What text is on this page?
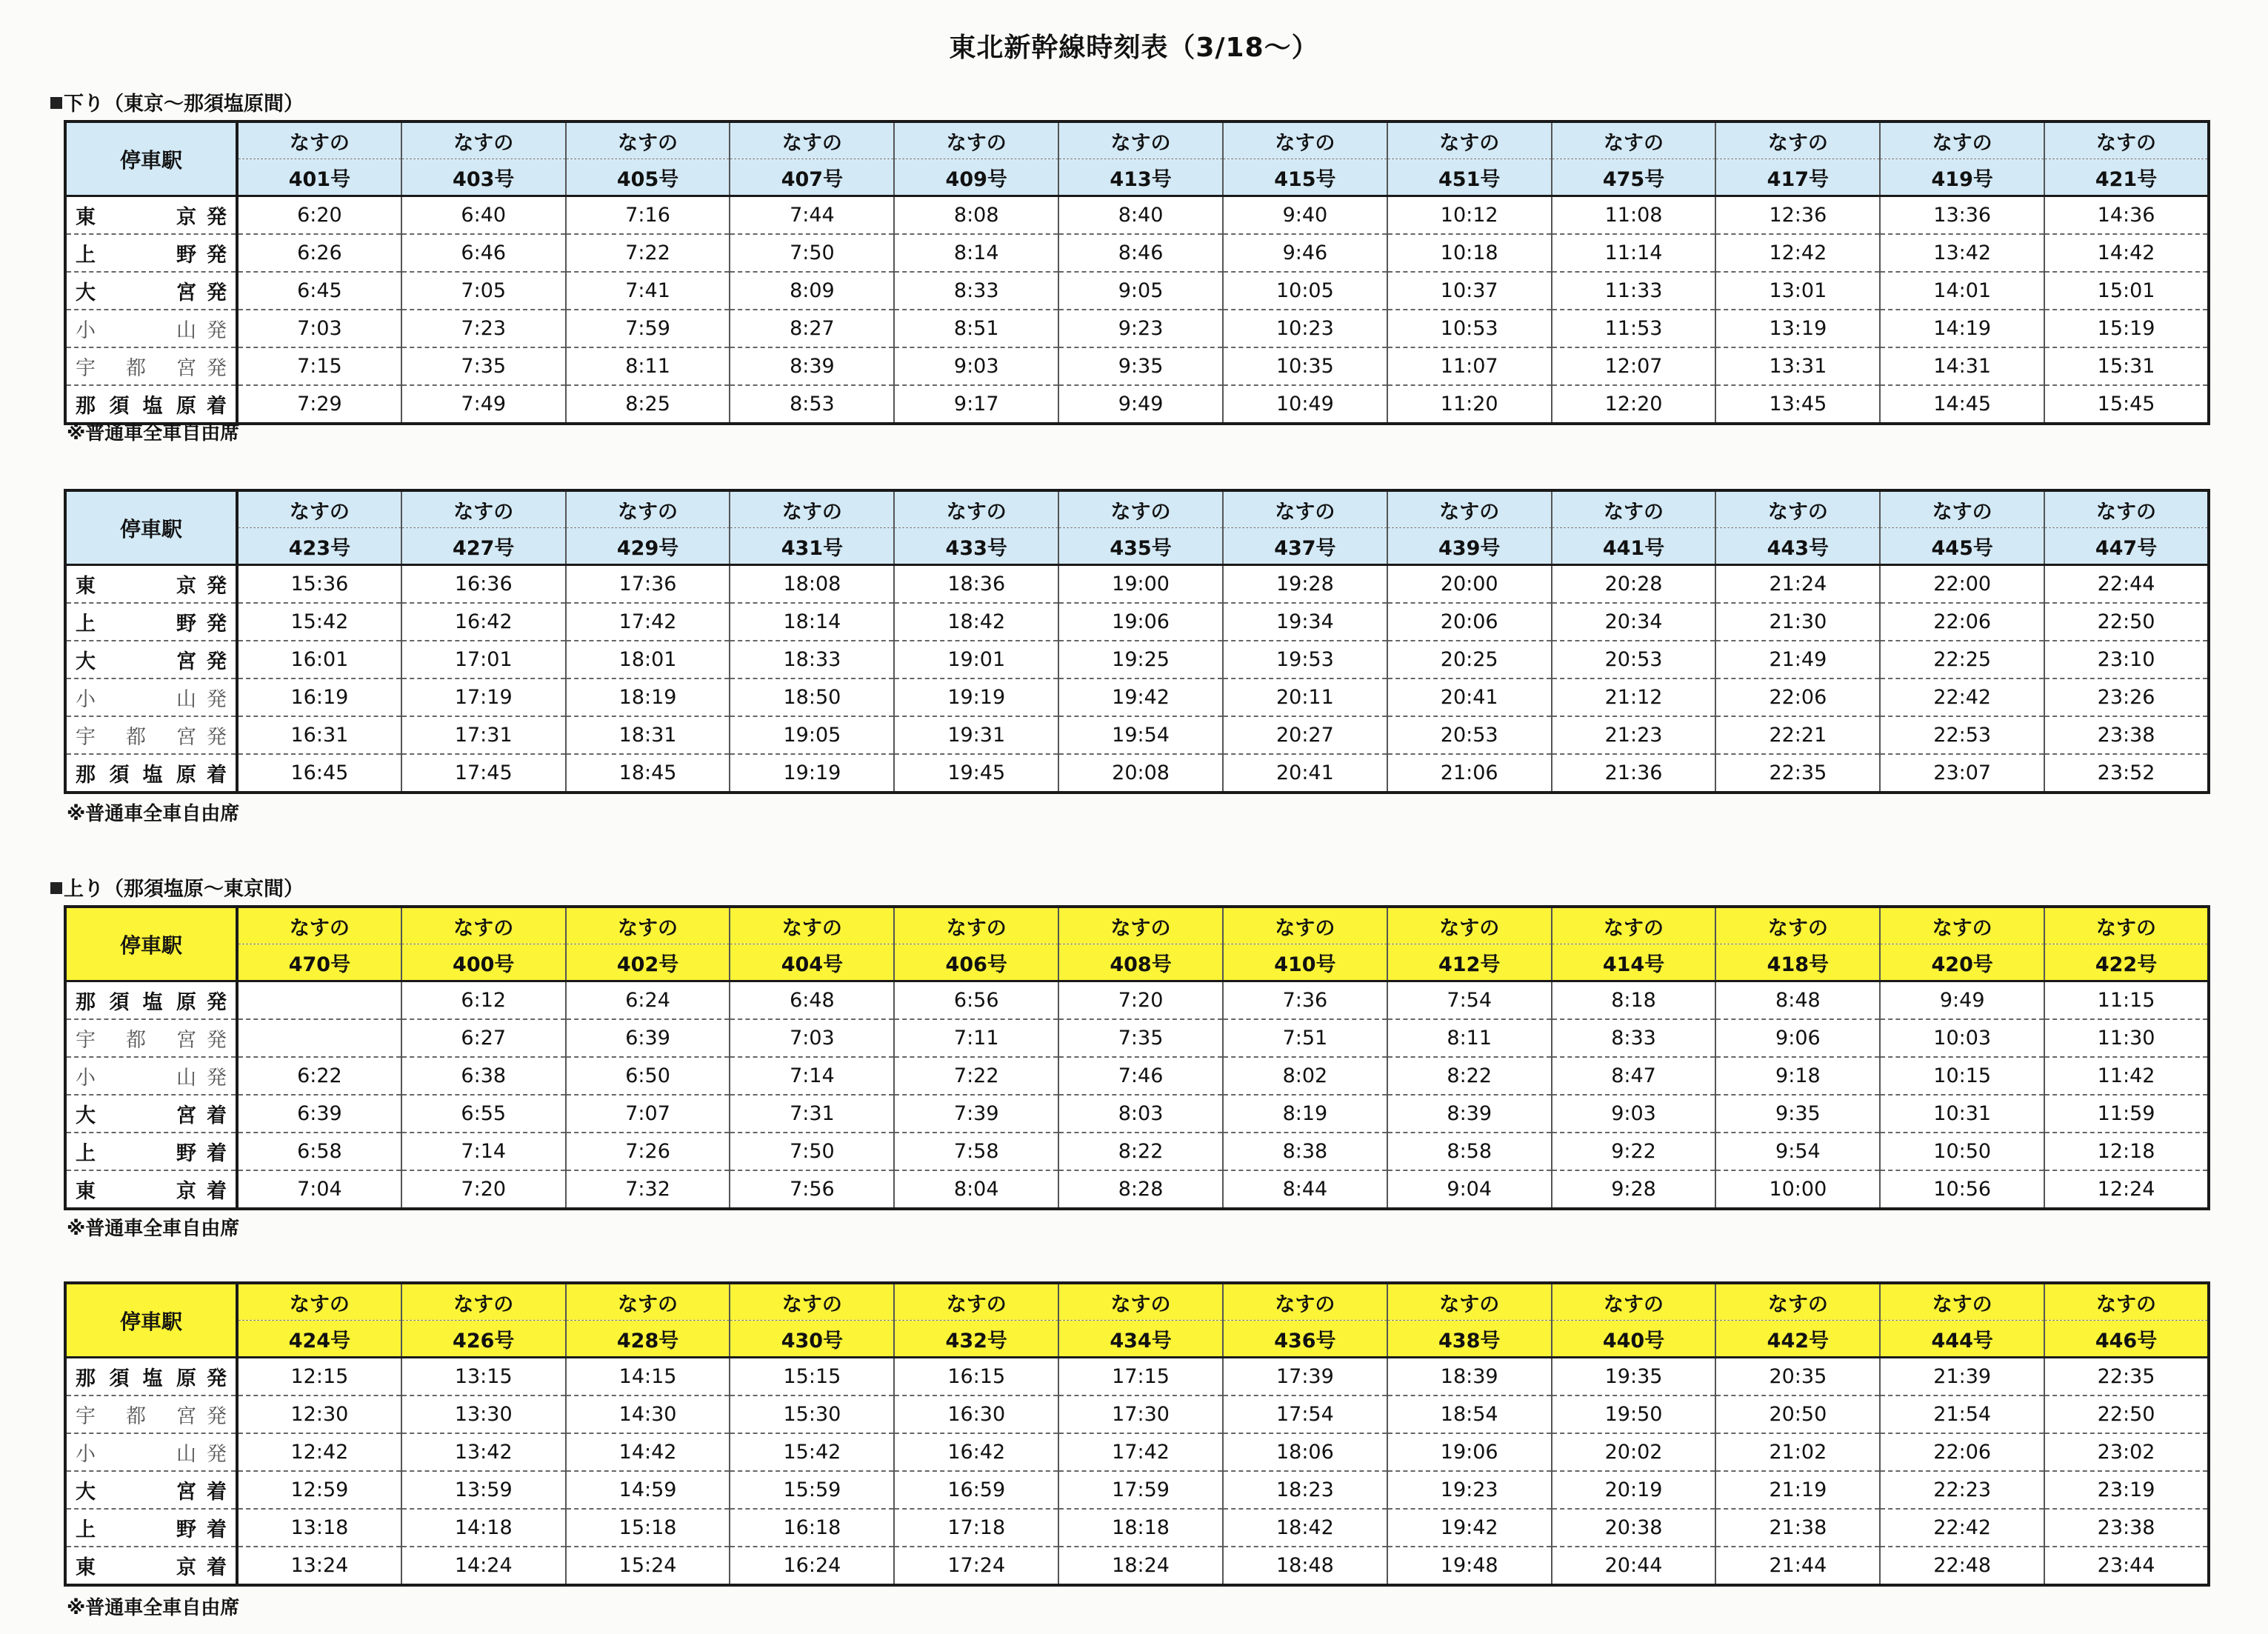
東北新幹線時刻表（3/18～）
下り（東京～那須塩原間）
停車駅	なすの	なすの	なすの	なすの	なすの	なすの	なすの	なすの	なすの	なすの	なすの	なすの
	401号	403号	405号	407号	409号	413号	415号	451号	475号	417号	419号	421号

東 京 発	6:20	6:40	7:16	7:44	8:08	8:40	9:40	10:12	11:08	12:36	13:36	14:36

上 野 発	6:26	6:46	7:22	7:50	8:14	8:46	9:46	10:18	11:14	12:42	13:42	14:42

大 宮 発	6:45	7:05	7:41	8:09	8:33	9:05	10:05	10:37	11:33	13:01	14:01	15:01

小 山 発	7:03	7:23	7:59	8:27	8:51	9:23	10:23	10:53	11:53	13:19	14:19	15:19

宇 都 宮 発	7:15	7:35	8:11	8:39	9:03	9:35	10:35	11:07	12:07	13:31	14:31	15:31

那 須 塩 原 着	7:29	7:49	8:25	8:53	9:17	9:49	10:49	11:20	12:20	13:45	14:45	15:45
※普通車全車自由席
停車駅	なすの	なすの	なすの	なすの	なすの	なすの	なすの	なすの	なすの	なすの	なすの	なすの
	423号	427号	429号	431号	433号	435号	437号	439号	441号	443号	445号	447号

東 京 発	15:36	16:36	17:36	18:08	18:36	19:00	19:28	20:00	20:28	21:24	22:00	22:44

上 野 発	15:42	16:42	17:42	18:14	18:42	19:06	19:34	20:06	20:34	21:30	22:06	22:50

大 宮 発	16:01	17:01	18:01	18:33	19:01	19:25	19:53	20:25	20:53	21:49	22:25	23:10

小 山 発	16:19	17:19	18:19	18:50	19:19	19:42	20:11	20:41	21:12	22:06	22:42	23:26

宇 都 宮 発	16:31	17:31	18:31	19:05	19:31	19:54	20:27	20:53	21:23	22:21	22:53	23:38

那 須 塩 原 着	16:45	17:45	18:45	19:19	19:45	20:08	20:41	21:06	21:36	22:35	23:07	23:52
※普通車全車自由席
上り（那須塩原～東京間）
停車駅	なすの	なすの	なすの	なすの	なすの	なすの	なすの	なすの	なすの	なすの	なすの	なすの
	470号	400号	402号	404号	406号	408号	410号	412号	414号	418号	420号	422号

那 須 塩 原 発		6:12	6:24	6:48	6:56	7:20	7:36	7:54	8:18	8:48	9:49	11:15

宇 都 宮 発		6:27	6:39	7:03	7:11	7:35	7:51	8:11	8:33	9:06	10:03	11:30

小 山 発	6:22	6:38	6:50	7:14	7:22	7:46	8:02	8:22	8:47	9:18	10:15	11:42

大 宮 着	6:39	6:55	7:07	7:31	7:39	8:03	8:19	8:39	9:03	9:35	10:31	11:59

上 野 着	6:58	7:14	7:26	7:50	7:58	8:22	8:38	8:58	9:22	9:54	10:50	12:18

東 京 着	7:04	7:20	7:32	7:56	8:04	8:28	8:44	9:04	9:28	10:00	10:56	12:24
※普通車全車自由席
停車駅	なすの	なすの	なすの	なすの	なすの	なすの	なすの	なすの	なすの	なすの	なすの	なすの
	424号	426号	428号	430号	432号	434号	436号	438号	440号	442号	444号	446号

那 須 塩 原 発	12:15	13:15	14:15	15:15	16:15	17:15	17:39	18:39	19:35	20:35	21:39	22:35

宇 都 宮 発	12:30	13:30	14:30	15:30	16:30	17:30	17:54	18:54	19:50	20:50	21:54	22:50

小 山 発	12:42	13:42	14:42	15:42	16:42	17:42	18:06	19:06	20:02	21:02	22:06	23:02

大 宮 着	12:59	13:59	14:59	15:59	16:59	17:59	18:23	19:23	20:19	21:19	22:23	23:19

上 野 着	13:18	14:18	15:18	16:18	17:18	18:18	18:42	19:42	20:38	21:38	22:42	23:38

東 京 着	13:24	14:24	15:24	16:24	17:24	18:24	18:48	19:48	20:44	21:44	22:48	23:44
※普通車全車自由席
